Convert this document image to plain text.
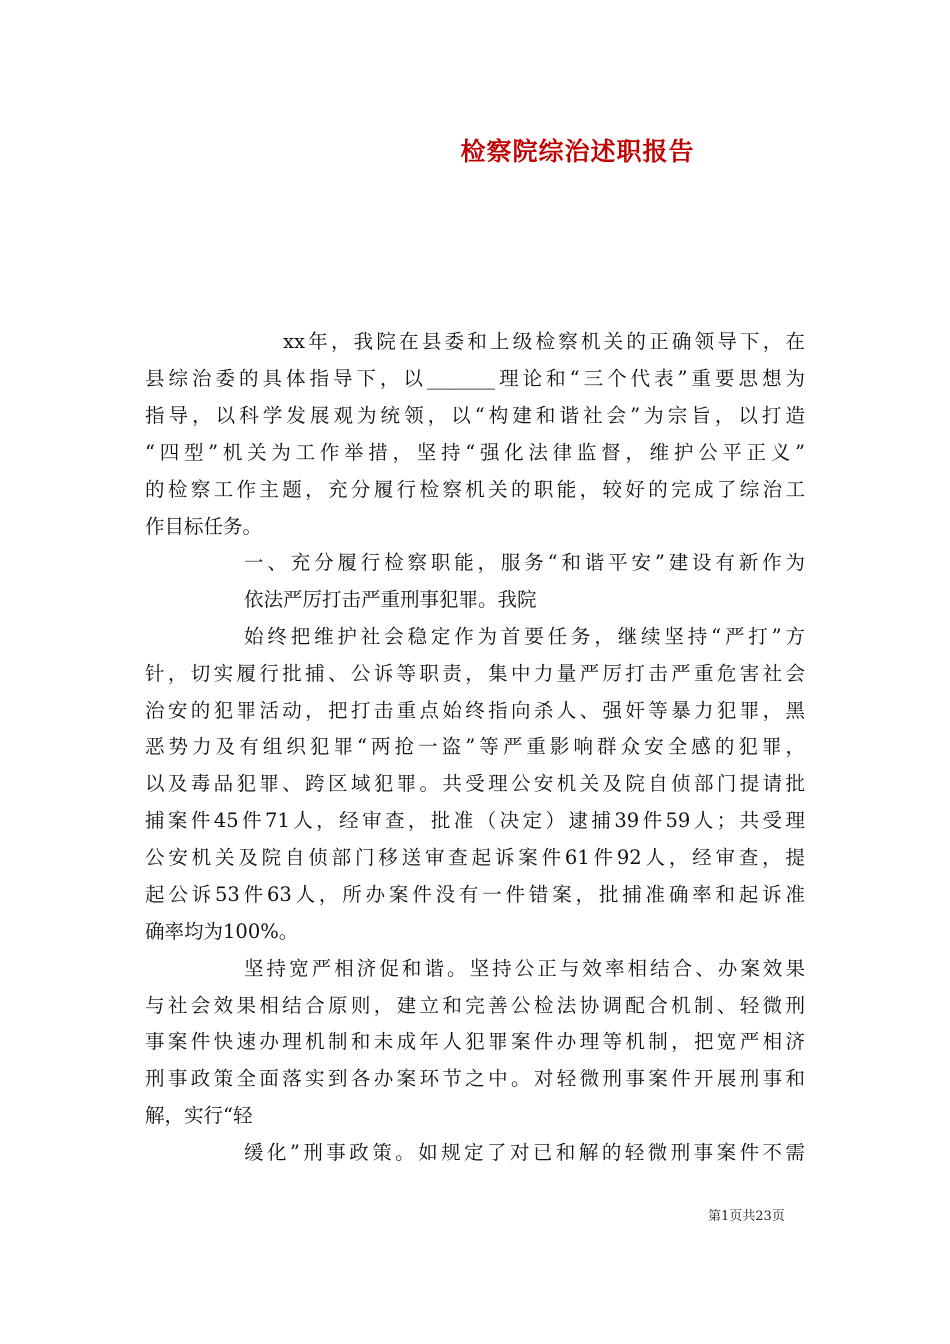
检察院综治述职报告
xx年，我院在县委和上级检察机关的正确领导下，在
县综治委的具体指导下，以_______理论和“三个代表”重要思想为
指导，以科学发展观为统领，以“构建和谐社会”为宗旨，以打造
“四型”机关为工作举措，坚持“强化法律监督，维护公平正义”
的检察工作主题，充分履行检察机关的职能，较好的完成了综治工
作目标任务。
一、充分履行检察职能，服务“和谐平安”建设有新作为
依法严厉打击严重刑事犯罪。我院
始终把维护社会稳定作为首要任务，继续坚持“严打”方
针，切实履行批捕、公诉等职责，集中力量严厉打击严重危害社会
治安的犯罪活动，把打击重点始终指向杀人、强奸等暴力犯罪，黑
恶势力及有组织犯罪“两抢一盗”等严重影响群众安全感的犯罪，
以及毒品犯罪、跨区域犯罪。共受理公安机关及院自侦部门提请批
捕案件45件71人，经审查，批准（决定）逮捕39件59人；共受理
公安机关及院自侦部门移送审查起诉案件61件92人，经审查，提
起公诉53件63人，所办案件没有一件错案，批捕准确率和起诉准
确率均为100%。
坚持宽严相济促和谐。坚持公正与效率相结合、办案效果
与社会效果相结合原则，建立和完善公检法协调配合机制、轻微刑
事案件快速办理机制和未成年人犯罪案件办理等机制，把宽严相济
刑事政策全面落实到各办案环节之中。对轻微刑事案件开展刑事和
解，实行“轻
缓化”刑事政策。如规定了对已和解的轻微刑事案件不需
第1页共23页
